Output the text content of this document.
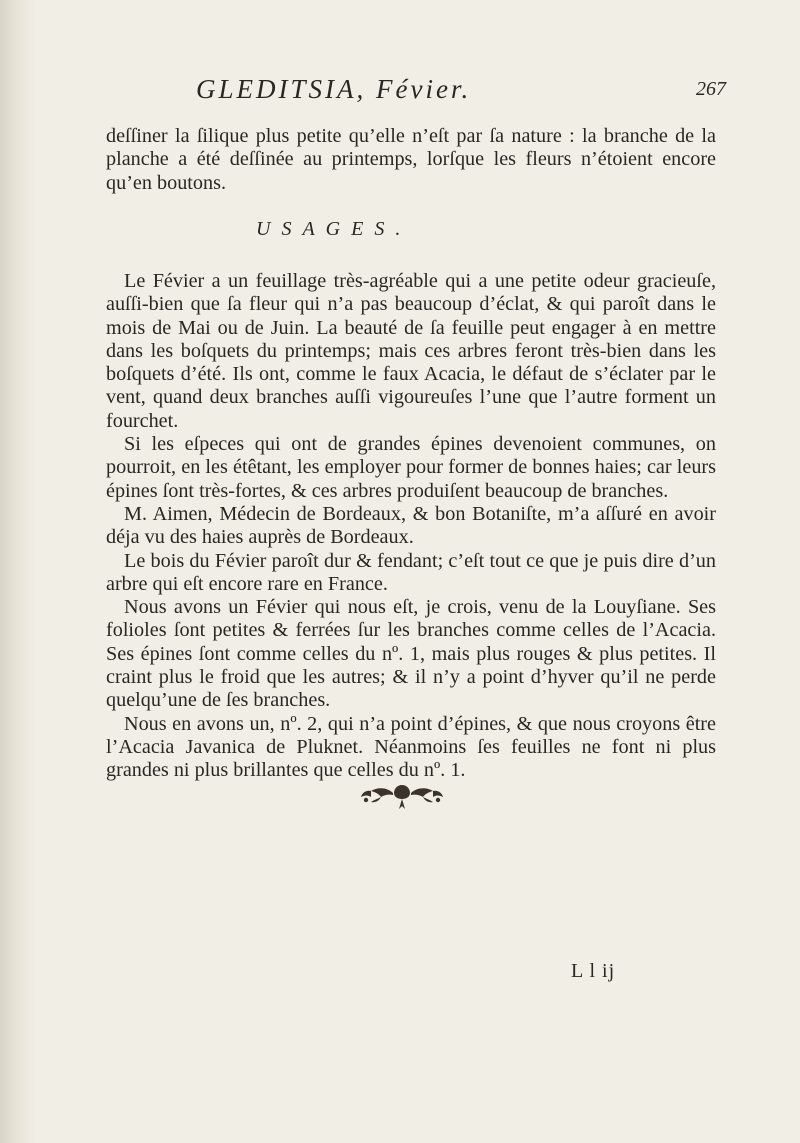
GLEDITSIA, Févier.	267
deſſiner la ſilique plus petite qu’elle n’eſt par ſa nature : la branche de la planche a été deſſinée au printemps, lorſque les fleurs n’étoient encore qu’en boutons.
USAGES.

Le Févier a un feuillage très-agréable qui a une petite odeur gracieuſe, auſſi-bien que ſa fleur qui n’a pas beaucoup d’éclat, & qui paroît dans le mois de Mai ou de Juin. La beauté de ſa feuille peut engager à en mettre dans les boſquets du printemps; mais ces arbres feront très-bien dans les boſquets d’été. Ils ont, comme le faux Acacia, le défaut de s’éclater par le vent, quand deux branches auſſi vigoureuſes l’une que l’autre forment un fourchet.

Si les eſpeces qui ont de grandes épines devenoient communes, on pourroit, en les étêtant, les employer pour former de bonnes haies; car leurs épines ſont très-fortes, & ces arbres produiſent beaucoup de branches.

M. Aimen, Médecin de Bordeaux, & bon Botaniſte, m’a aſſuré en avoir déja vu des haies auprès de Bordeaux.

Le bois du Févier paroît dur & fendant; c’eſt tout ce que je puis dire d’un arbre qui eſt encore rare en France.

Nous avons un Févier qui nous eſt, je crois, venu de la Louyſiane. Ses folioles ſont petites & ferrées ſur les branches comme celles de l’Acacia. Ses épines ſont comme celles du nº. 1, mais plus rouges & plus petites. Il craint plus le froid que les autres; & il n’y a point d’hyver qu’il ne perde quelqu’une de ſes branches.

Nous en avons un, nº. 2, qui n’a point d’épines, & que nous croyons être l’Acacia Javanica de Pluknet. Néanmoins ſes feuilles ne font ni plus grandes ni plus brillantes que celles du nº. 1.

L l ij
